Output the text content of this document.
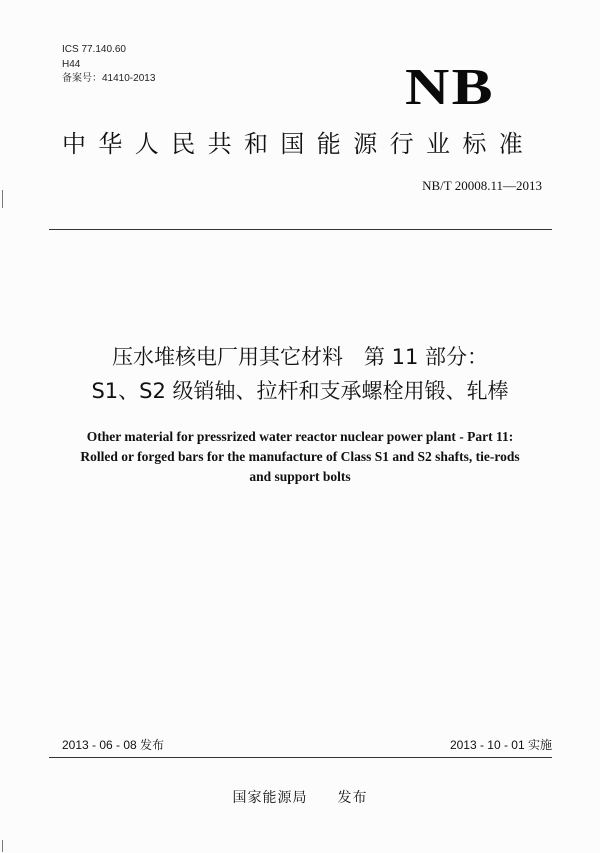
ICS 77.140.60
H44
备案号：41410-2013	NB
中华人民共和国能源行业标准
NB/T 20008.11—2013
压水堆核电厂用其它材料　第 11 部分：
S1、S2 级销轴、拉杆和支承螺栓用锻、轧棒
Other material for pressrized water reactor nuclear power plant - Part 11:
Rolled or forged bars for the manufacture of Class S1 and S2 shafts, tie-rods
and support bolts
2013 - 06 - 08 发布	2013 - 10 - 01 实施
国家能源局　　发布
